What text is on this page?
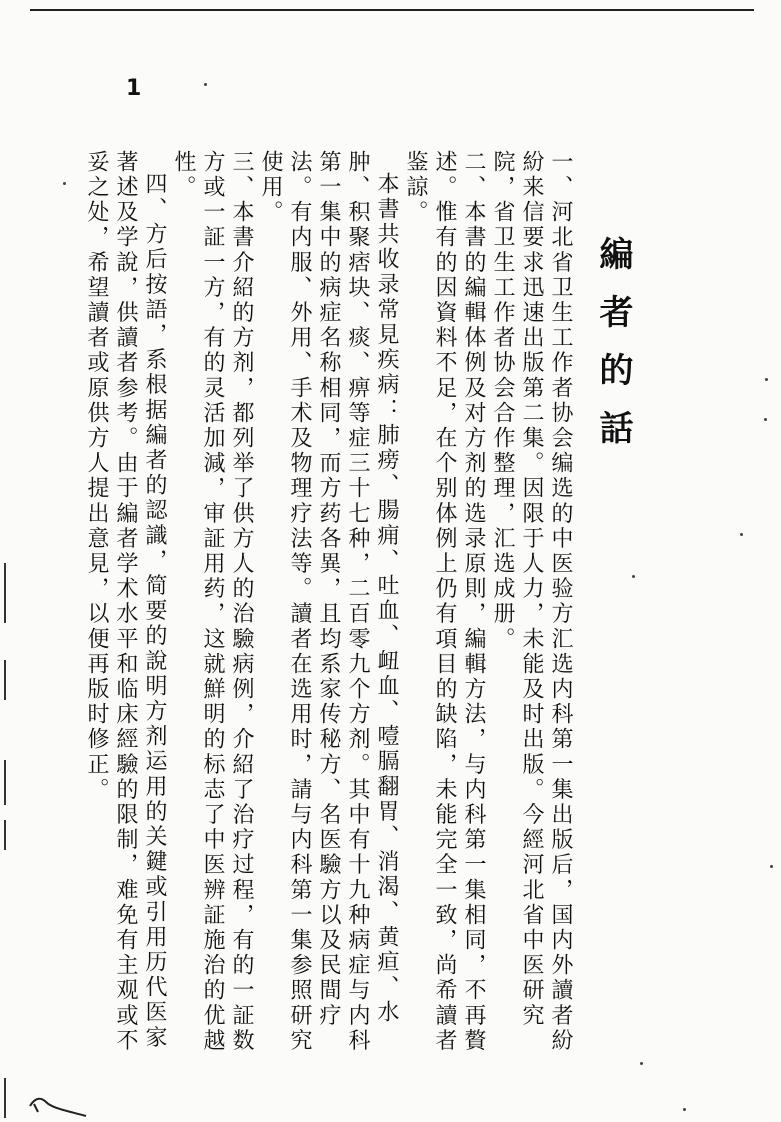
1
編者的話

一、河北省卫生工作者协会编选的中医验方汇选内科第一集出版后，国内外讀者紛紛来信要求迅速出版第二集。因限于人力，未能及时出版。今經河北省中医研究院，省卫生工作者协会合作整理，汇选成册。

二、本書的編輯体例及对方剂的选录原則，編輯方法，与内科第一集相同，不再贅述。惟有的因資料不足，在个别体例上仍有項目的缺陷，未能完全一致，尚希讀者鉴諒。

本書共收录常見疾病：肺痨、腸痈、吐血、衄血、噎膈翻胃、消渴、黄疸、水肿、积聚痞块、痰、痹等症三十七种，二百零九个方剂。其中有十九种病症与内科第一集中的病症名称相同，而方药各異，且均系家传秘方、名医驗方以及民間疗法。有内服、外用、手术及物理疗法等。讀者在选用时，請与内科第一集参照研究使用。

三、本書介紹的方剂，都列举了供方人的治驗病例，介紹了治疗过程，有的一証数方或一証一方，有的灵活加減，审証用药，这就鮮明的标志了中医辨証施治的优越性。

四、方后按語，系根据編者的認識，简要的說明方剂运用的关鍵或引用历代医家著述及学說，供讀者参考。由于編者学术水平和临床經驗的限制，难免有主观或不妥之处，希望讀者或原供方人提出意見，以便再版时修正。
